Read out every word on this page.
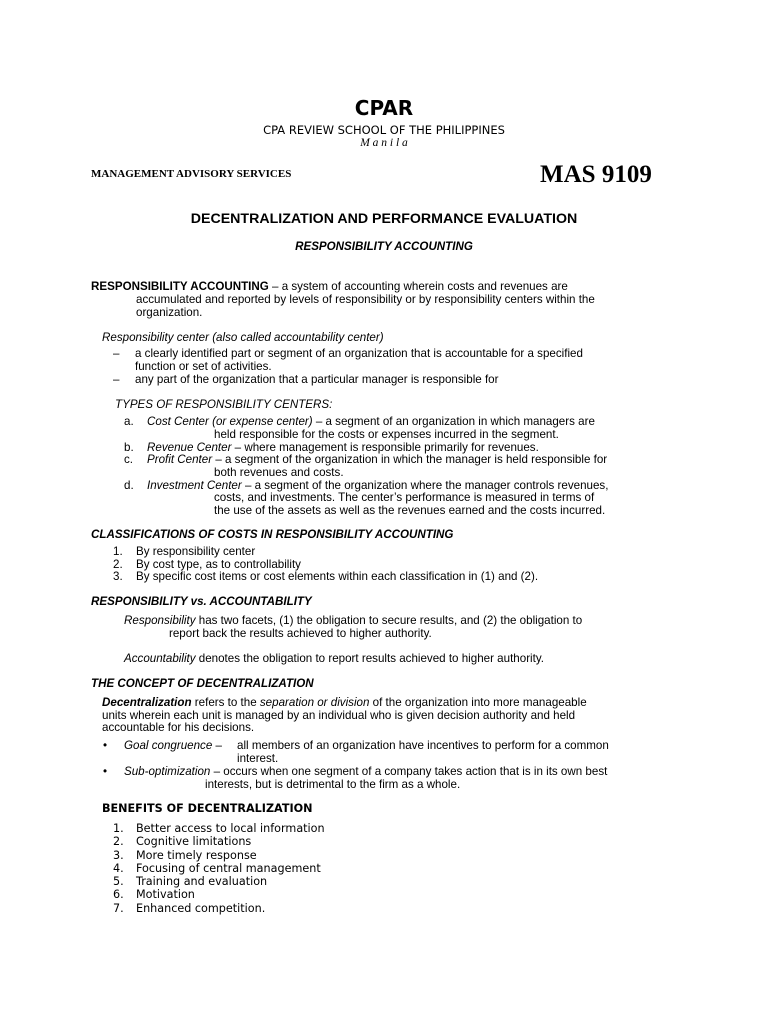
CPAR
CPA REVIEW SCHOOL OF THE PHILIPPINES
M a n i l a
MANAGEMENT ADVISORY SERVICES	MAS 9109
DECENTRALIZATION AND PERFORMANCE EVALUATION
RESPONSIBILITY ACCOUNTING
RESPONSIBILITY ACCOUNTING – a system of accounting wherein costs and revenues are
accumulated and reported by levels of responsibility or by responsibility centers within the
organization.
Responsibility center (also called accountability center)
– a clearly identified part or segment of an organization that is accountable for a specified
function or set of activities.
– any part of the organization that a particular manager is responsible for
TYPES OF RESPONSIBILITY CENTERS:
a. Cost Center (or expense center) – a segment of an organization in which managers are
held responsible for the costs or expenses incurred in the segment.
b. Revenue Center – where management is responsible primarily for revenues.
c. Profit Center – a segment of the organization in which the manager is held responsible for
both revenues and costs.
d. Investment Center – a segment of the organization where the manager controls revenues,
costs, and investments. The center’s performance is measured in terms of
the use of the assets as well as the revenues earned and the costs incurred.
CLASSIFICATIONS OF COSTS IN RESPONSIBILITY ACCOUNTING
1. By responsibility center
2. By cost type, as to controllability
3. By specific cost items or cost elements within each classification in (1) and (2).
RESPONSIBILITY vs. ACCOUNTABILITY
Responsibility has two facets, (1) the obligation to secure results, and (2) the obligation to
report back the results achieved to higher authority.
Accountability denotes the obligation to report results achieved to higher authority.
THE CONCEPT OF DECENTRALIZATION
Decentralization refers to the separation or division of the organization into more manageable
units wherein each unit is managed by an individual who is given decision authority and held
accountable for his decisions.
• Goal congruence – all members of an organization have incentives to perform for a common
interest.
• Sub-optimization – occurs when one segment of a company takes action that is in its own best
interests, but is detrimental to the firm as a whole.
BENEFITS OF DECENTRALIZATION
1. Better access to local information
2. Cognitive limitations
3. More timely response
4. Focusing of central management
5. Training and evaluation
6. Motivation
7. Enhanced competition.
